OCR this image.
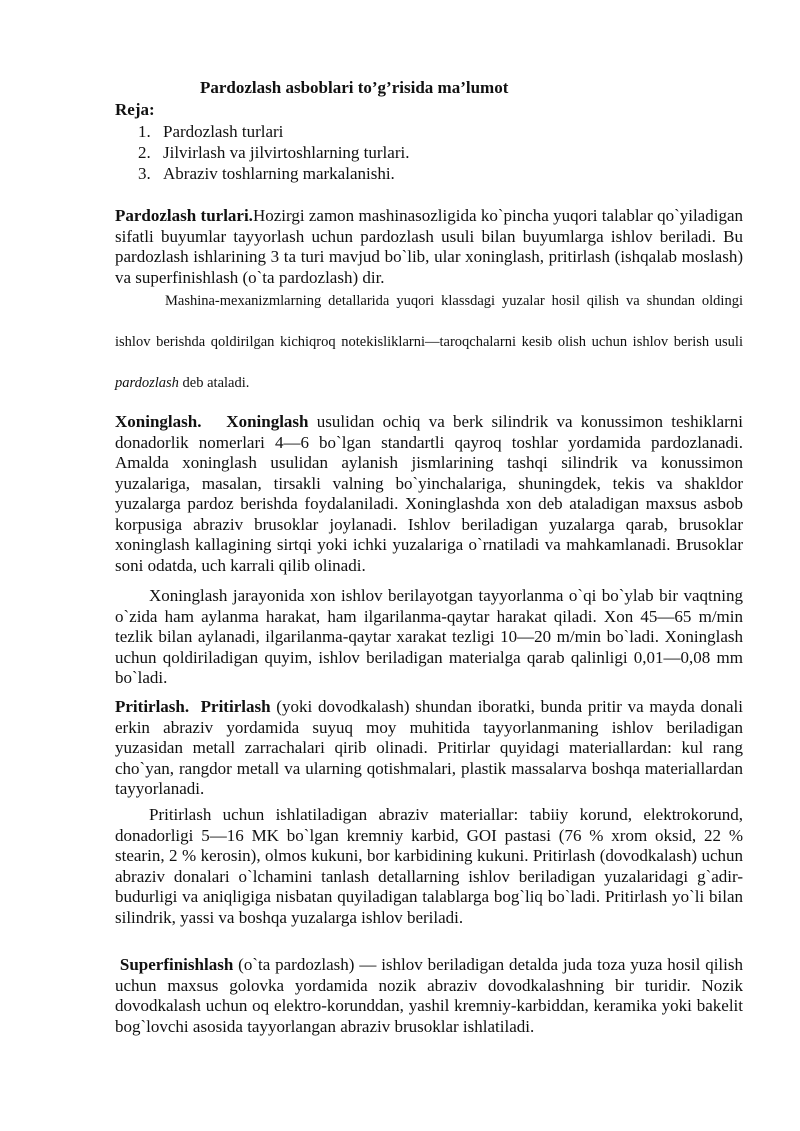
Pardozlash asboblari to’g’risida ma’lumot
Reja:
1. Pardozlash turlari
2. Jilvirlash va jilvirtoshlarning turlari.
3. Abraziv toshlarning markalanishi.

Pardozlash turlari.Hozirgi zamon mashinasozligida ko`pincha yuqori talablar qo`yiladigan sifatli buyumlar tayyorlash uchun pardozlash usuli bilan buyumlarga ishlov beriladi. Bu pardozlash ishlarining 3 ta turi mavjud bo`lib, ular xoninglash, pritirlash (ishqalab moslash) va superfinishlash (o`ta pardozlash) dir.

Mashina-mexanizmlarning detallarida yuqori klassdagi yuzalar hosil qilish va shundan oldingi ishlov berishda qoldirilgan kichiqroq notekisliklarni—taroqchalarni kesib olish uchun ishlov berish usuli pardozlash deb ataladi.

Xoninglash. Xoninglash usulidan ochiq va berk silindrik va konussimon teshiklarni donadorlik nomerlari 4—6 bo`lgan standartli qayroq toshlar yordamida pardozlanadi. Amalda xoninglash usulidan aylanish jismlarining tashqi silindrik va konussimon yuzalariga, masalan, tirsakli valning bo`yinchalariga, shuningdek, tekis va shakldor yuzalarga pardoz berishda foydalaniladi. Xoninglashda xon deb ataladigan maxsus asbob korpusiga abraziv brusoklar joylanadi. Ishlov beriladigan yuzalarga qarab, brusoklar xoninglash kallagining sirtqi yoki ichki yuzalariga o`rnatiladi va mahkamlanadi. Brusoklar soni odatda, uch karrali qilib olinadi.

Xoninglash jarayonida xon ishlov berilayotgan tayyorlanma o`qi bo`ylab bir vaqtning o`zida ham aylanma harakat, ham ilgarilanma-qaytar harakat qiladi. Xon 45—65 m/min tezlik bilan aylanadi, ilgarilanma-qaytar xarakat tezligi 10—20 m/min bo`ladi. Xoninglash uchun qoldiriladigan quyim, ishlov beriladigan materialga qarab qalinligi 0,01—0,08 mm bo`ladi.

Pritirlash. Pritirlash (yoki dovodkalash) shundan iboratki, bunda pritir va mayda donali erkin abraziv yordamida suyuq moy muhitida tayyorlanmaning ishlov beriladigan yuzasidan metall zarrachalari qirib olinadi. Pritirlar quyidagi materiallardan: kul rang cho`yan, rangdor metall va ularning qotishmalari, plastik massalarva boshqa materiallardan tayyorlanadi.

Pritirlash uchun ishlatiladigan abraziv materiallar: tabiiy korund, elektrokorund, donadorligi 5—16 MK bo`lgan kremniy karbid, GOI pastasi (76 % xrom oksid, 22 % stearin, 2 % kerosin), olmos kukuni, bor karbidining kukuni. Pritirlash (dovodkalash) uchun abraziv donalari o`lchamini tanlash detallarning ishlov beriladigan yuzalaridagi g`adir-budurligi va aniqligiga nisbatan quyiladigan talablarga bog`liq bo`ladi. Pritirlash yo`li bilan silindrik, yassi va boshqa yuzalarga ishlov beriladi.

Superfinishlash (o`ta pardozlash) — ishlov beriladigan detalda juda toza yuza hosil qilish uchun maxsus golovka yordamida nozik abraziv dovodkalashning bir turidir. Nozik dovodkalash uchun oq elektro-korunddan, yashil kremniy-karbiddan, keramika yoki bakelit bog`lovchi asosida tayyorlangan abraziv brusoklar ishlatiladi.
